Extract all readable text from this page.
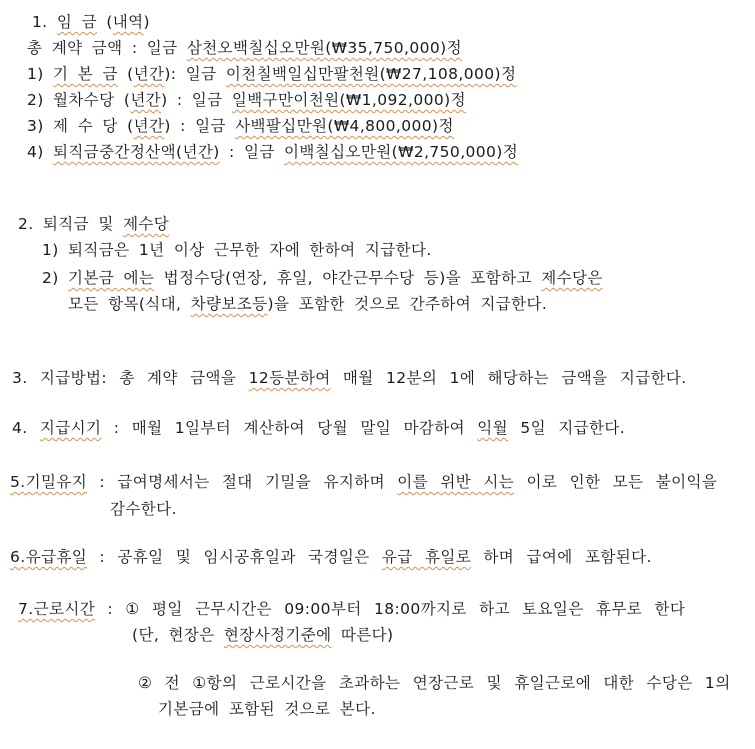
1. 임 금 (내역)
총 계약 금액 : 일금 삼천오백칠십오만원(₩35,750,000)정
1) 기 본 금 (년간): 일금 이천칠백일십만팔천원(₩27,108,000)정
2) 월차수당 (년간) : 일금 일백구만이천원(₩1,092,000)정
3) 제 수 당 (년간) : 일금 사백팔십만원(₩4,800,000)정
4) 퇴직금중간정산액(년간) : 일금 이백칠십오만원(₩2,750,000)정
2. 퇴직금 및 제수당
1) 퇴직금은 1년 이상 근무한 자에 한하여 지급한다.
2) 기본금 에는 법정수당(연장, 휴일, 야간근무수당 등)을 포함하고 제수당은
모든 항목(식대, 차량보조등)을 포함한 것으로 간주하여 지급한다.
3. 지급방법: 총 계약 금액을 12등분하여 매월 12분의 1에 해당하는 금액을 지급한다.
4. 지급시기 : 매월 1일부터 계산하여 당월 말일 마감하여 익월 5일 지급한다.
5.기밀유지 : 급여명세서는 절대 기밀을 유지하며 이를 위반 시는 이로 인한 모든 불이익을
감수한다.
6.유급휴일 : 공휴일 및 임시공휴일과 국경일은 유급 휴일로 하며 급여에 포함된다.
7.근로시간 : ① 평일 근무시간은 09:00부터 18:00까지로 하고 토요일은 휴무로 한다
(단, 현장은 현장사정기준에 따른다)
② 전 ①항의 근로시간을 초과하는 연장근로 및 휴일근로에 대한 수당은 1의
기본금에 포함된 것으로 본다.
